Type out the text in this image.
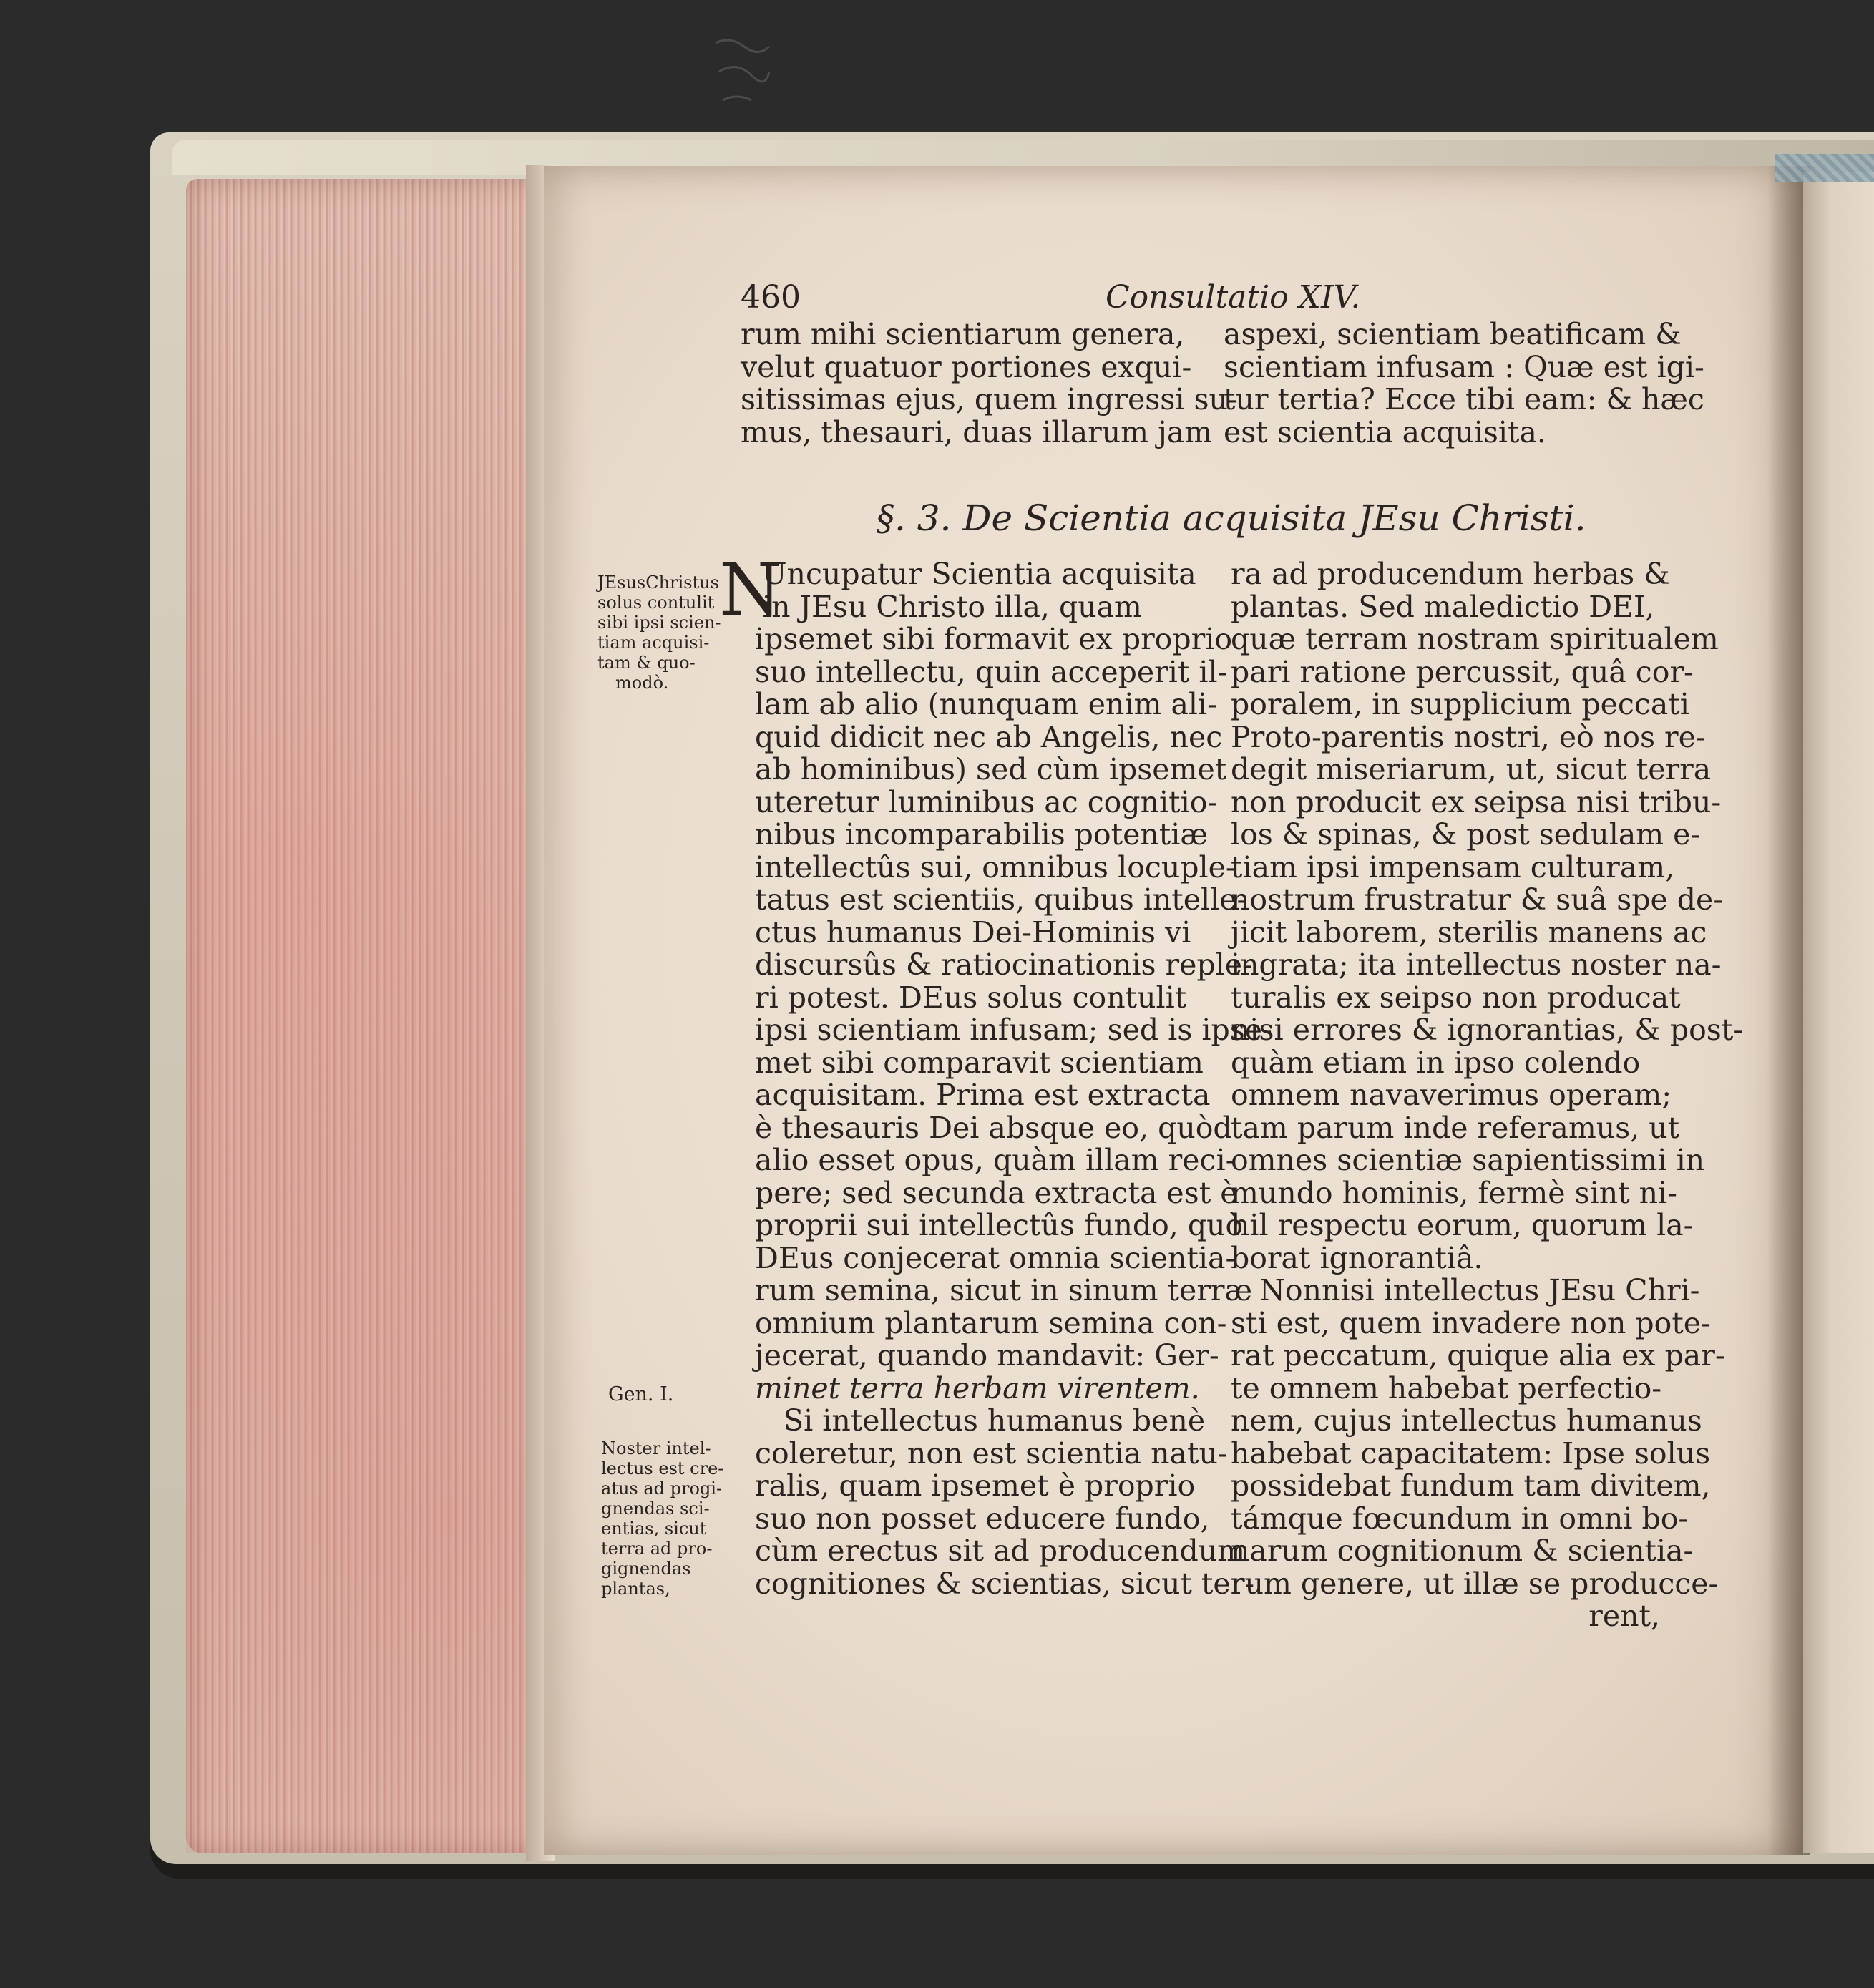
460	Consultatio XIV.
rum mihi scientiarum genera,
velut quatuor portiones exqui-
sitissimas ejus, quem ingressi su-
mus, thesauri, duas illarum jam
aspexi, scientiam beatificam &
scientiam infusam : Quæ est igi-
tur tertia? Ecce tibi eam: & hæc
est scientia acquisita.
§. 3. De Scientia acquisita JEsu Christi.
N
Uncupatur Scientia acquisita
in JEsu Christo illa, quam
ipsemet sibi formavit ex proprio
suo intellectu, quin acceperit il-
lam ab alio (nunquam enim ali-
quid didicit nec ab Angelis, nec
ab hominibus) sed cùm ipsemet
uteretur luminibus ac cognitio-
nibus incomparabilis potentiæ
intellectûs sui, omnibus locuple-
tatus est scientiis, quibus intelle-
ctus humanus Dei-Hominis vi
discursûs & ratiocinationis reple-
ri potest. DEus solus contulit
ipsi scientiam infusam; sed is ipse-
met sibi comparavit scientiam
acquisitam. Prima est extracta
è thesauris Dei absque eo, quòd
alio esset opus, quàm illam reci-
pere; sed secunda extracta est è
proprii sui intellectûs fundo, quò
DEus conjecerat omnia scientia-
rum semina, sicut in sinum terræ
omnium plantarum semina con-
jecerat, quando mandavit: Ger-
minet terra herbam virentem.
Si intellectus humanus benè
coleretur, non est scientia natu-
ralis, quam ipsemet è proprio
suo non posset educere fundo,
cùm erectus sit ad producendum
cognitiones & scientias, sicut ter-
ra ad producendum herbas &
plantas. Sed maledictio DEI,
quæ terram nostram spiritualem
pari ratione percussit, quâ cor-
poralem, in supplicium peccati
Proto-parentis nostri, eò nos re-
degit miseriarum, ut, sicut terra
non producit ex seipsa nisi tribu-
los & spinas, & post sedulam e-
tiam ipsi impensam culturam,
nostrum frustratur & suâ spe de-
jicit laborem, sterilis manens ac
ingrata; ita intellectus noster na-
turalis ex seipso non producat
nisi errores & ignorantias, & post-
quàm etiam in ipso colendo
omnem navaverimus operam;
tam parum inde referamus, ut
omnes scientiæ sapientissimi in
mundo hominis, fermè sint ni-
hil respectu eorum, quorum la-
borat ignorantiâ.
Nonnisi intellectus JEsu Chri-
sti est, quem invadere non pote-
rat peccatum, quique alia ex par-
te omnem habebat perfectio-
nem, cujus intellectus humanus
habebat capacitatem: Ipse solus
possidebat fundum tam divitem,
támque fœcundum in omni bo-
narum cognitionum & scientia-
rum genere, ut illæ se producce-
rent,
JEsusChristus
solus contulit
sibi ipsi scien-
tiam acquisi-
tam & quo-
modò.
Gen. I.
Noster intel-
lectus est cre-
atus ad progi-
gnendas sci-
entias, sicut
terra ad pro-
gignendas
plantas,
